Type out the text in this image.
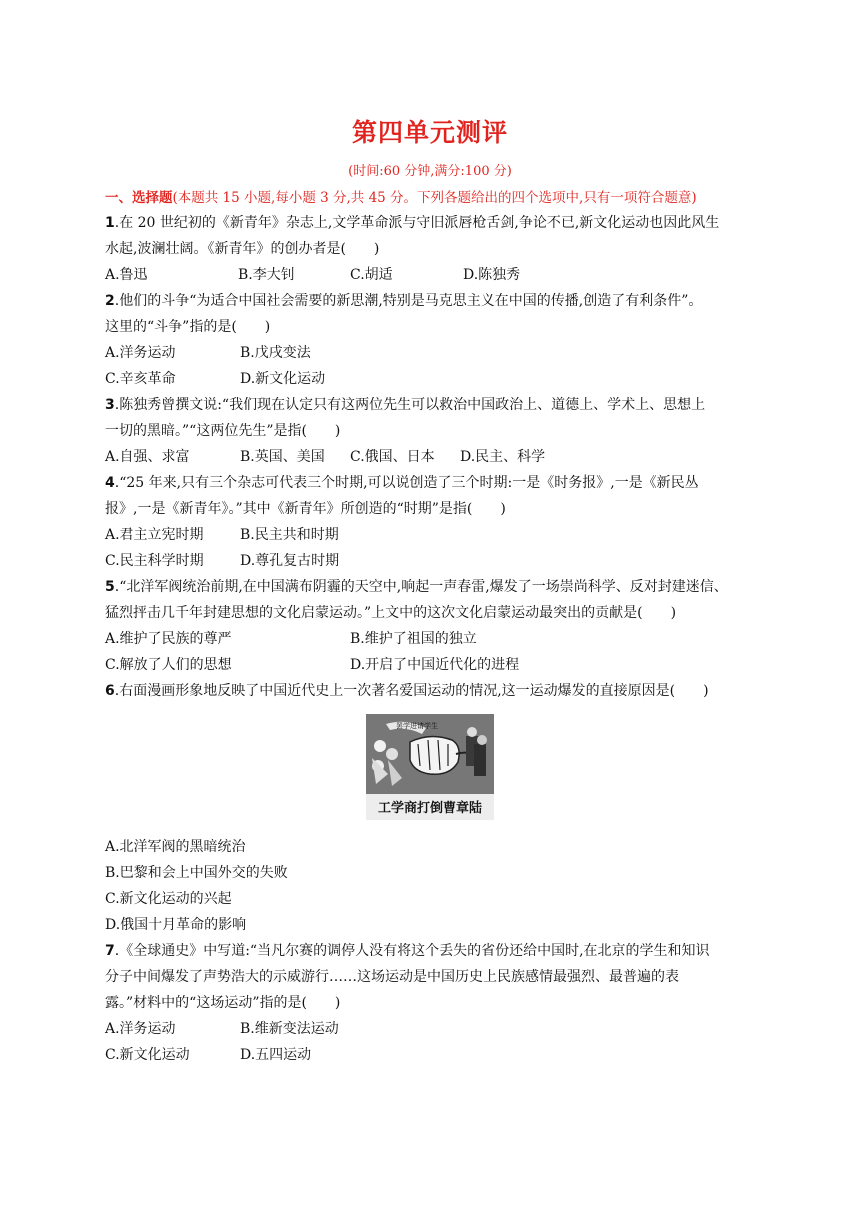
第四单元测评
(时间:60 分钟,满分:100 分)
一、选择题(本题共 15 小题,每小题 3 分,共 45 分。下列各题给出的四个选项中,只有一项符合题意)
1.在 20 世纪初的《新青年》杂志上,文学革命派与守旧派唇枪舌剑,争论不已,新文化运动也因此风生
水起,波澜壮阔。《新青年》的创办者是(　　)
A.鲁迅	B.李大钊	C.胡适	D.陈独秀
2.他们的斗争“为适合中国社会需要的新思潮,特别是马克思主义在中国的传播,创造了有利条件”。
这里的“斗争”指的是(　　)
A.洋务运动	B.戊戌变法
C.辛亥革命	D.新文化运动
3.陈独秀曾撰文说:“我们现在认定只有这两位先生可以救治中国政治上、道德上、学术上、思想上
一切的黑暗。”“这两位先生”是指(　　)
A.自强、求富	B.英国、美国 C.俄国、日本 D.民主、科学
4.“25 年来,只有三个杂志可代表三个时期,可以说创造了三个时期:一是《时务报》,一是《新民丛
报》,一是《新青年》。”其中《新青年》所创造的“时期”是指(　　)
A.君主立宪时期	B.民主共和时期
C.民主科学时期	D.尊孔复古时期
5.“北洋军阀统治前期,在中国满布阴霾的天空中,响起一声春雷,爆发了一场崇尚科学、反对封建迷信、
猛烈抨击几千年封建思想的文化启蒙运动。”上文中的这次文化启蒙运动最突出的贡献是(　　)
A.维护了民族的尊严	B.维护了祖国的独立
C.解放了人们的思想	D.开启了中国近代化的进程
6.右面漫画形象地反映了中国近代史上一次著名爱国运动的情况,这一运动爆发的直接原因是(　　)
罢学进请学生
工学商打倒曹章陆
A.北洋军阀的黑暗统治
B.巴黎和会上中国外交的失败
C.新文化运动的兴起
D.俄国十月革命的影响
7.《全球通史》中写道:“当凡尔赛的调停人没有将这个丢失的省份还给中国时,在北京的学生和知识
分子中间爆发了声势浩大的示威游行……这场运动是中国历史上民族感情最强烈、最普遍的表
露。”材料中的“这场运动”指的是(　　)
A.洋务运动	B.维新变法运动
C.新文化运动	D.五四运动
